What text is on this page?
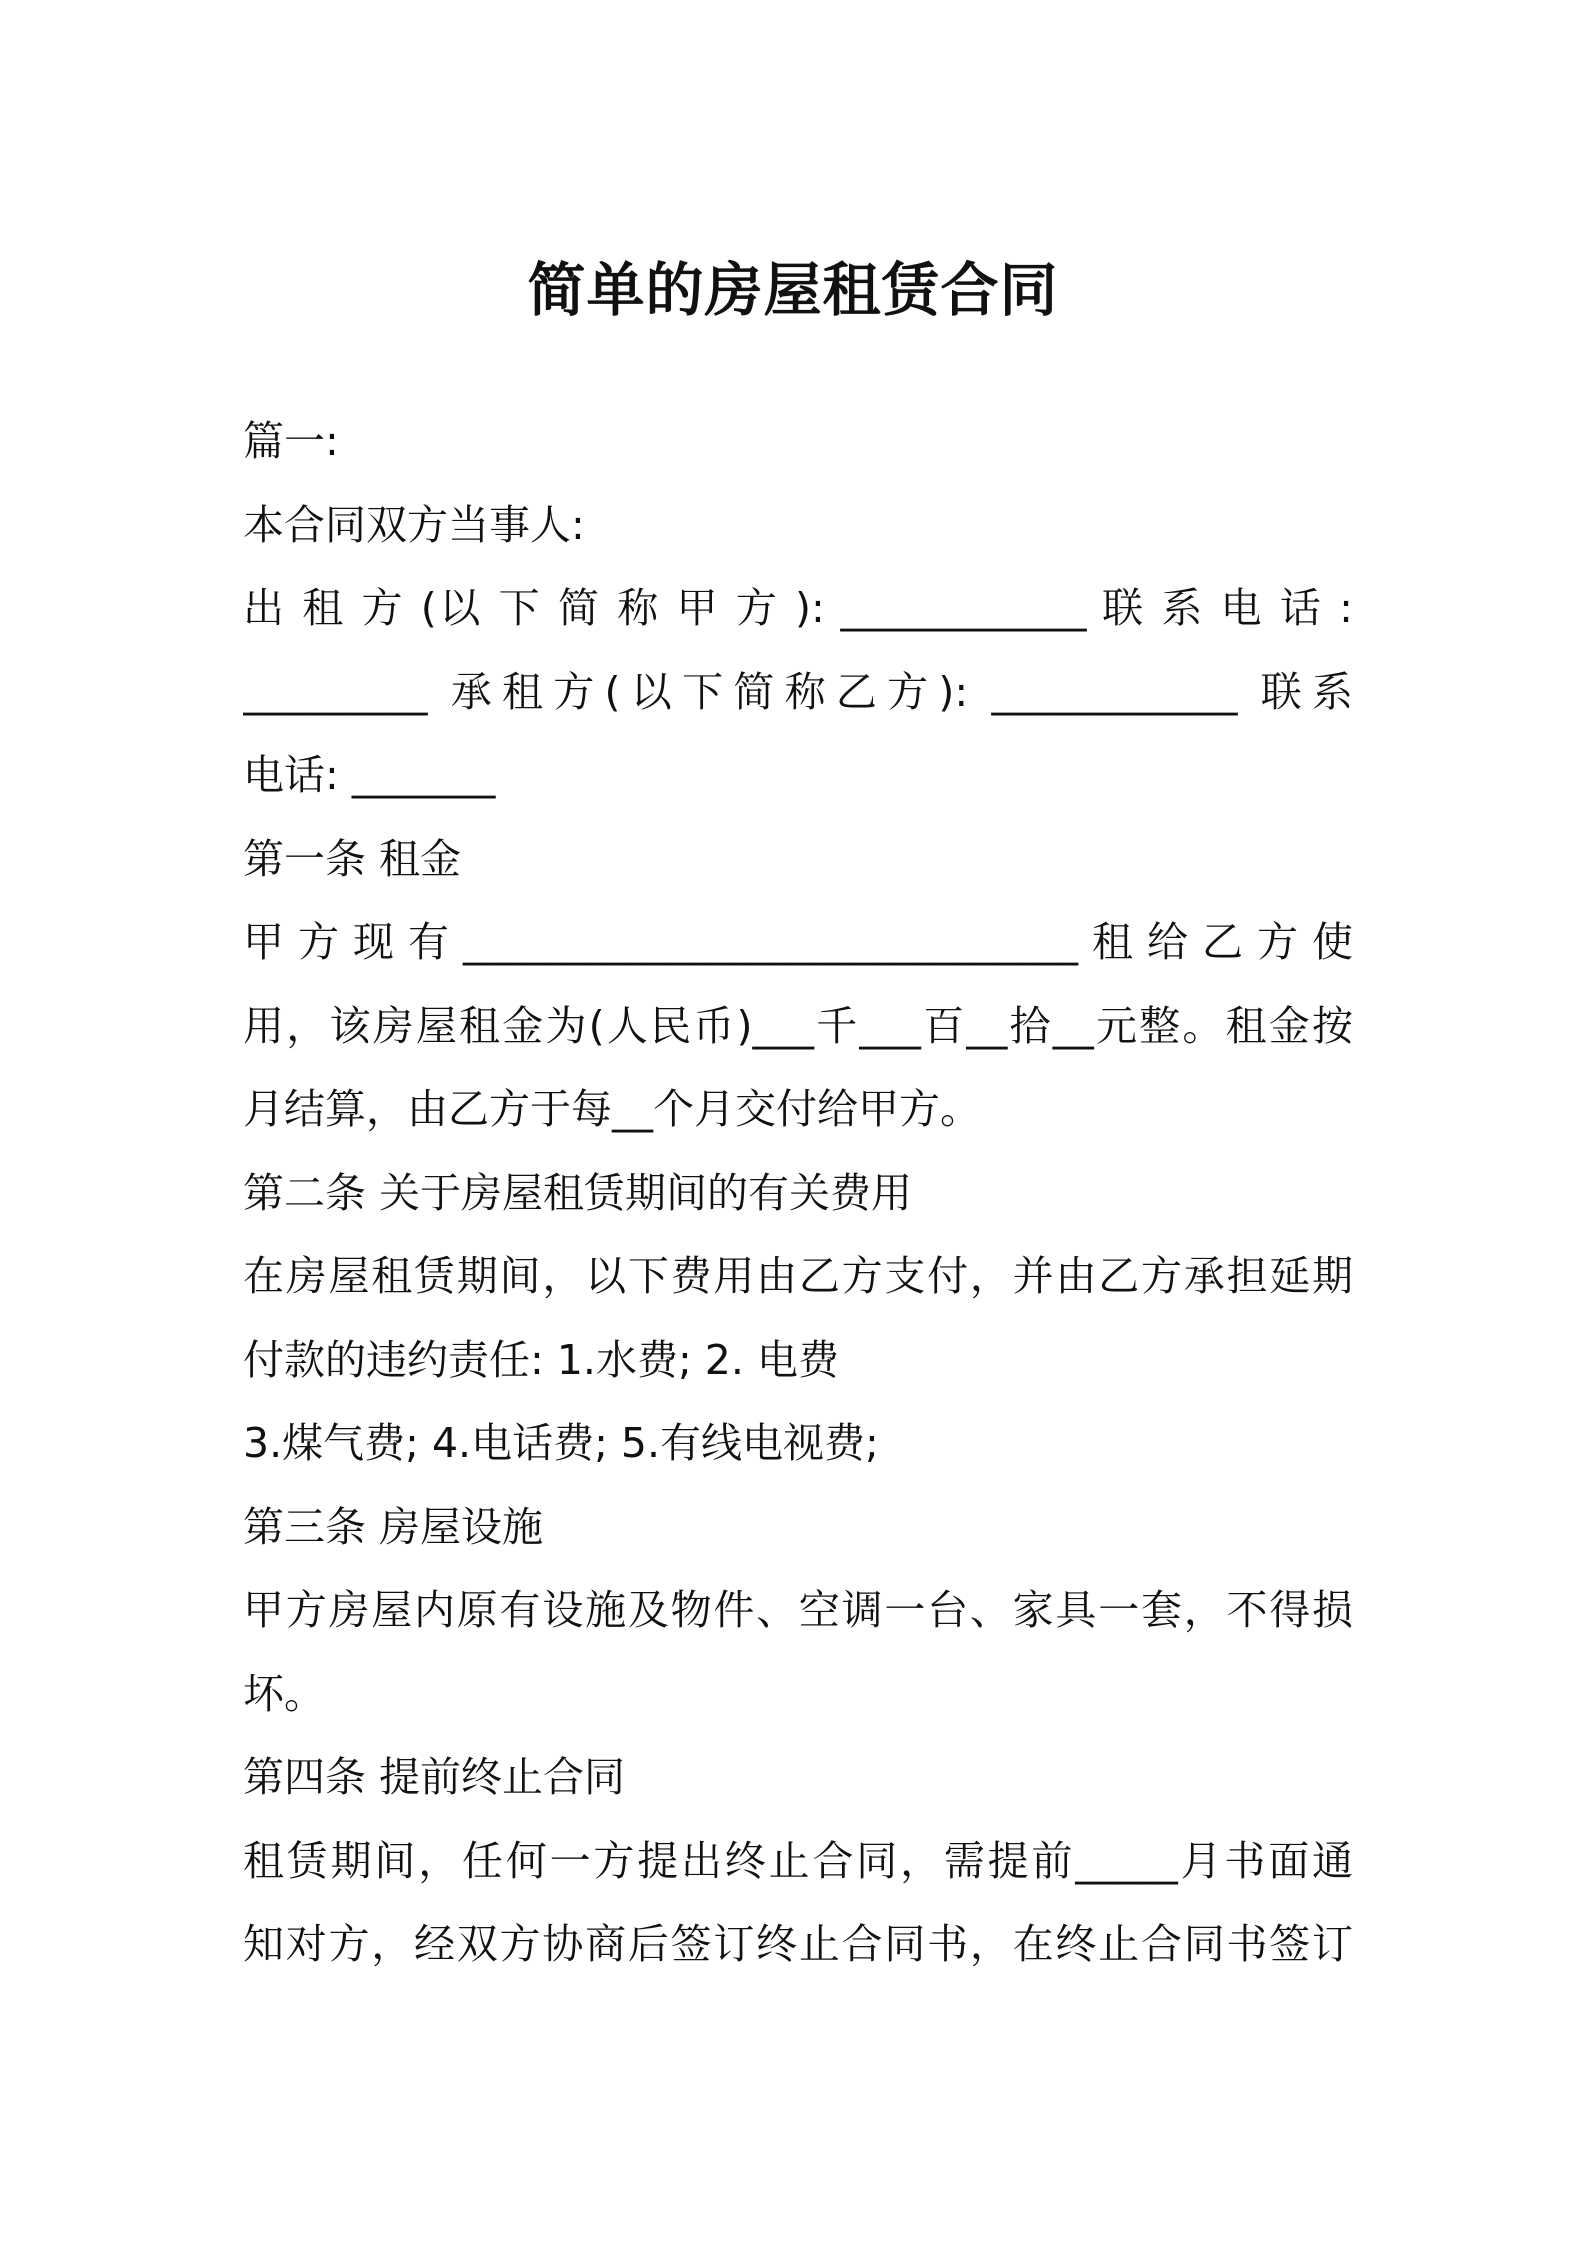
简单的房屋租赁合同
篇一:
本合同双方当事人:
出 租 方 (以 下 简 称 甲 方 ): ____________ 联 系 电 话 :
_________ 承租方(以下简称乙方): ____________ 联系
电话: _______
第一条 租金
甲方现有______________________________租给乙方使
用，该房屋租金为(人民币)___千___百__拾__元整。租金按
月结算，由乙方于每__个月交付给甲方。
第二条 关于房屋租赁期间的有关费用
在房屋租赁期间，以下费用由乙方支付，并由乙方承担延期
付款的违约责任: 1.水费; 2. 电费
3.煤气费; 4.电话费; 5.有线电视费;
第三条 房屋设施
甲方房屋内原有设施及物件、空调一台、家具一套，不得损
坏。
第四条 提前终止合同
租赁期间，任何一方提出终止合同，需提前_____月书面通
知对方，经双方协商后签订终止合同书，在终止合同书签订
